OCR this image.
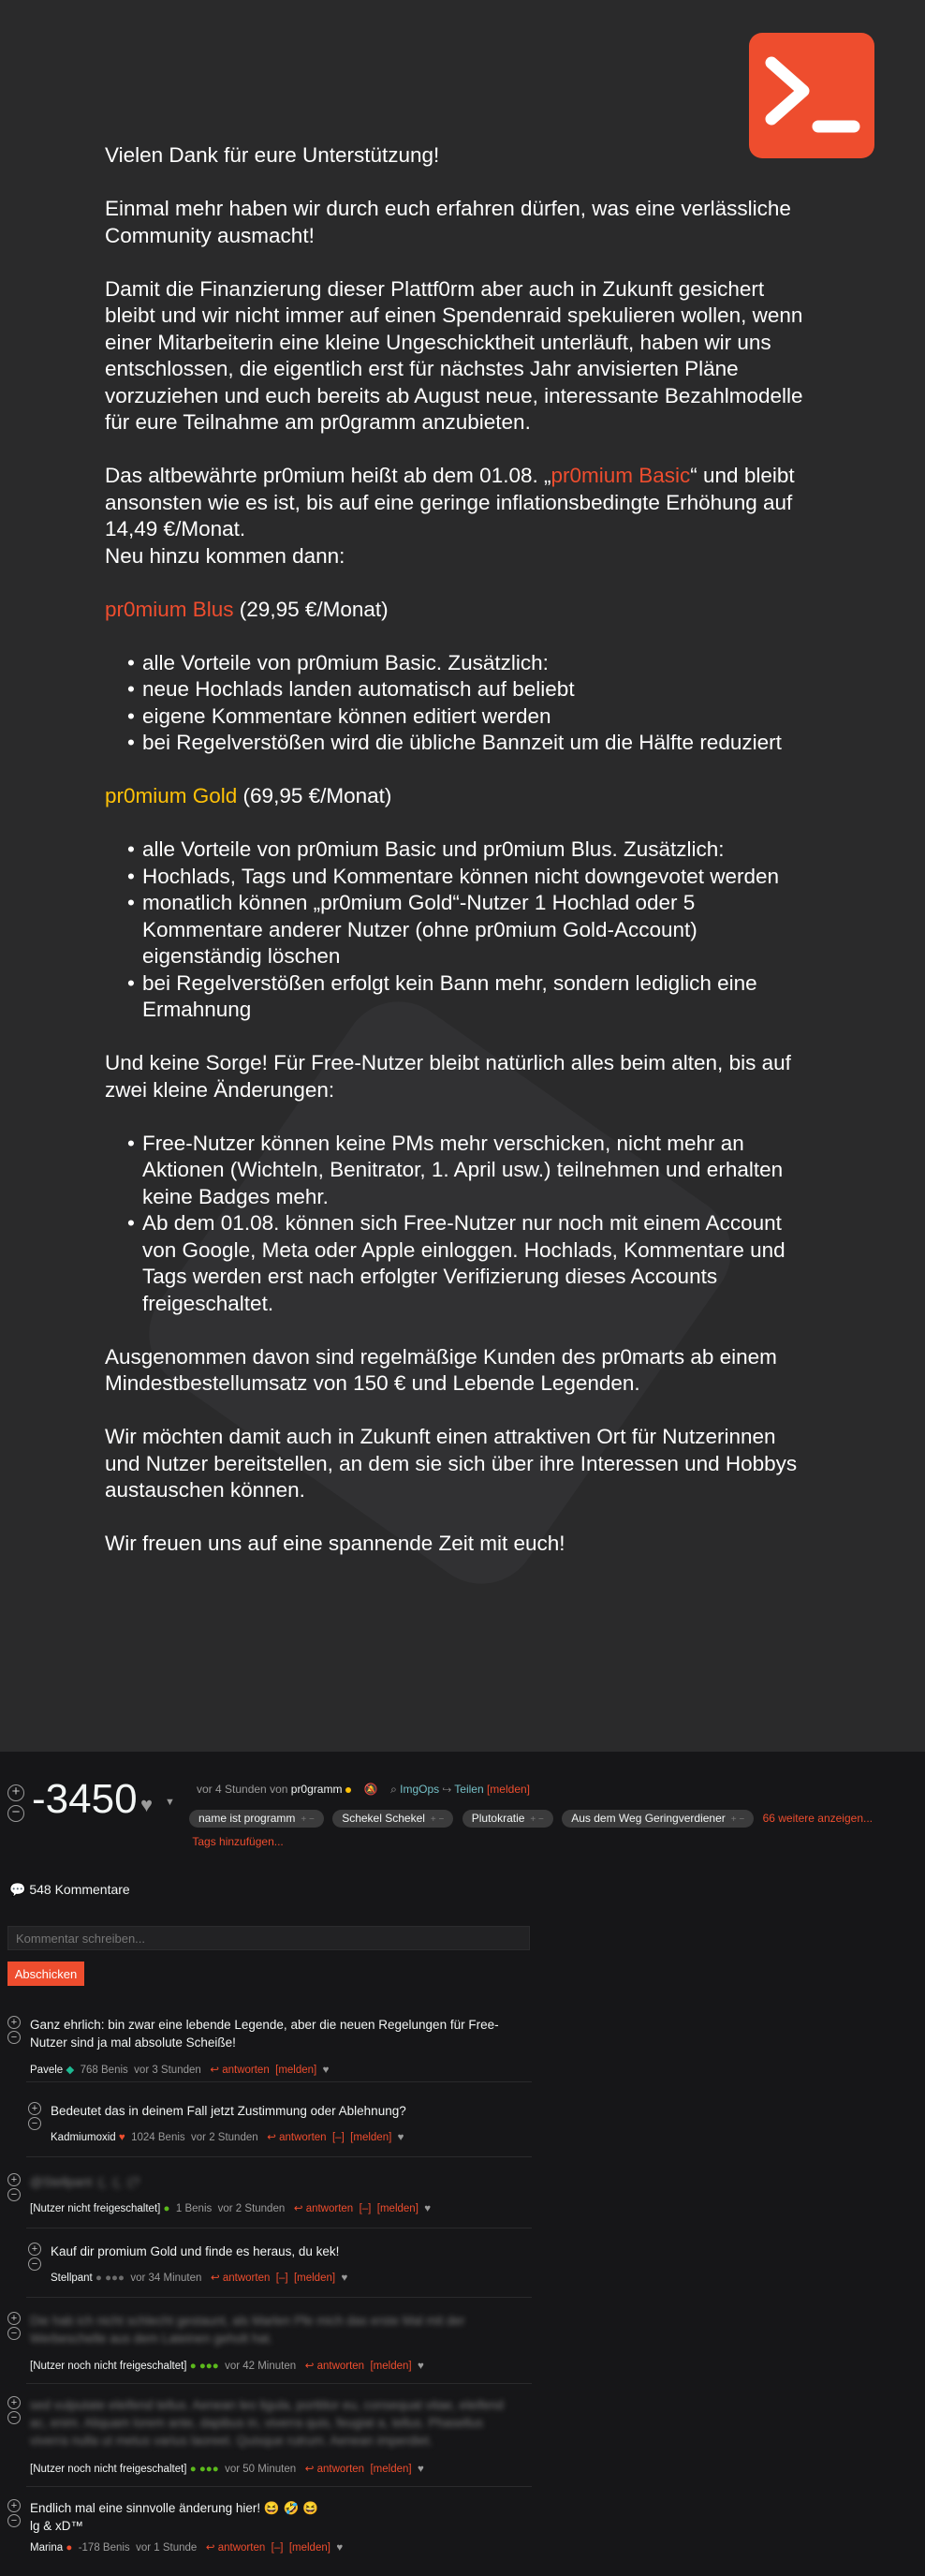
Vielen Dank für eure Unterstützung!

Einmal mehr haben wir durch euch erfahren dürfen, was eine verlässliche Community ausmacht!

Damit die Finanzierung dieser Plattf0rm aber auch in Zukunft gesichert bleibt und wir nicht immer auf einen Spendenraid spekulieren wollen, wenn einer Mitarbeiterin eine kleine Ungeschicktheit unterläuft, haben wir uns entschlossen, die eigentlich erst für nächstes Jahr anvisierten Pläne vorzuziehen und euch bereits ab August neue, interessante Bezahlmodelle für eure Teilnahme am pr0gramm anzubieten.

Das altbewährte pr0mium heißt ab dem 01.08. „pr0mium Basic“ und bleibt ansonsten wie es ist, bis auf eine geringe inflationsbedingte Erhöhung auf 14,49 €/Monat.

Neu hinzu kommen dann:

pr0mium Blus (29,95 €/Monat)

• alle Vorteile von pr0mium Basic. Zusätzlich:
• neue Hochlads landen automatisch auf beliebt
• eigene Kommentare können editiert werden
• bei Regelverstößen wird die übliche Bannzeit um die Hälfte reduziert

pr0mium Gold (69,95 €/Monat)

• alle Vorteile von pr0mium Basic und pr0mium Blus. Zusätzlich:
• Hochlads, Tags und Kommentare können nicht downgevotet werden
• monatlich können „pr0mium Gold“-Nutzer 1 Hochlad oder 5 Kommentare anderer Nutzer (ohne pr0mium Gold-Account) eigenständig löschen
• bei Regelverstößen erfolgt kein Bann mehr, sondern lediglich eine Ermahnung

Und keine Sorge! Für Free-Nutzer bleibt natürlich alles beim alten, bis auf zwei kleine Änderungen:

• Free-Nutzer können keine PMs mehr verschicken, nicht mehr an Aktionen (Wichteln, Benitrator, 1. April usw.) teilnehmen und erhalten keine Badges mehr.
• Ab dem 01.08. können sich Free-Nutzer nur noch mit einem Account von Google, Meta oder Apple einloggen. Hochlads, Kommentare und Tags werden erst nach erfolgter Verifizierung dieses Accounts freigeschaltet.

Ausgenommen davon sind regelmäßige Kunden des pr0marts ab einem Mindestbestellumsatz von 150 € und Lebende Legenden.

Wir möchten damit auch in Zukunft einen attraktiven Ort für Nutzerinnen und Nutzer bereitstellen, an dem sie sich über ihre Interessen und Hobbys austauschen können.

Wir freuen uns auf eine spannende Zeit mit euch!

+
− -3450 ♥ ▼
vor 4 Stunden von pr0gramm 🔕 ⌕ ImgOps ↪ Teilen [melden]
name ist programm + − Schekel Schekel + − Plutokratie + − Aus dem Weg Geringverdiener + − 66 weitere anzeigen...  Tags hinzufügen...
💬 548 Kommentare
Kommentar schreiben...
Abschicken
+
−
Ganz ehrlich: bin zwar eine lebende Legende, aber die neuen Regelungen für Free-Nutzer sind ja mal absolute Scheiße!
Pavele ◆ 768 Benis vor 3 Stunden ↩ antworten [melden] ♥
+
−
Bedeutet das in deinem Fall jetzt Zustimmung oder Ablehnung?
Kadmiumoxid ♥ 1024 Benis vor 2 Stunden ↩ antworten [–] [melden] ♥
+
−
@Stellpant :(, :(, :(?
[Nutzer nicht freigeschaltet] ● 1 Benis vor 2 Stunden ↩ antworten [–] [melden] ♥
+
−
Kauf dir promium Gold und finde es heraus, du kek!
Stellpant ● ●●● vor 34 Minuten ↩ antworten [–] [melden] ♥
+
−
Die hab ich nicht schlecht gestaunt, als Marlen Pfe mich das erste Mal mit der Werbeschelle aus dem Lateinen geholt hat.
[Nutzer noch nicht freigeschaltet] ● ●●● vor 42 Minuten ↩ antworten [melden] ♥
+
−
sed vulputate eleifend tellus. Aenean leo ligula, porttitor eu, consequat vitae, eleifend ac, enim. Aliquam lorem ante, dapibus in, viverra quis, feugiat a, tellus. Phasellus viverra nulla ut metus varius laoreet. Quisque rutrum. Aenean imperdiet.
[Nutzer noch nicht freigeschaltet] ● ●●● vor 50 Minuten ↩ antworten [melden] ♥
+
−
Endlich mal eine sinnvolle änderung hier! 😆 🤣 😆
lg & xD™
Marina ● -178 Benis vor 1 Stunde ↩ antworten [–] [melden] ♥
